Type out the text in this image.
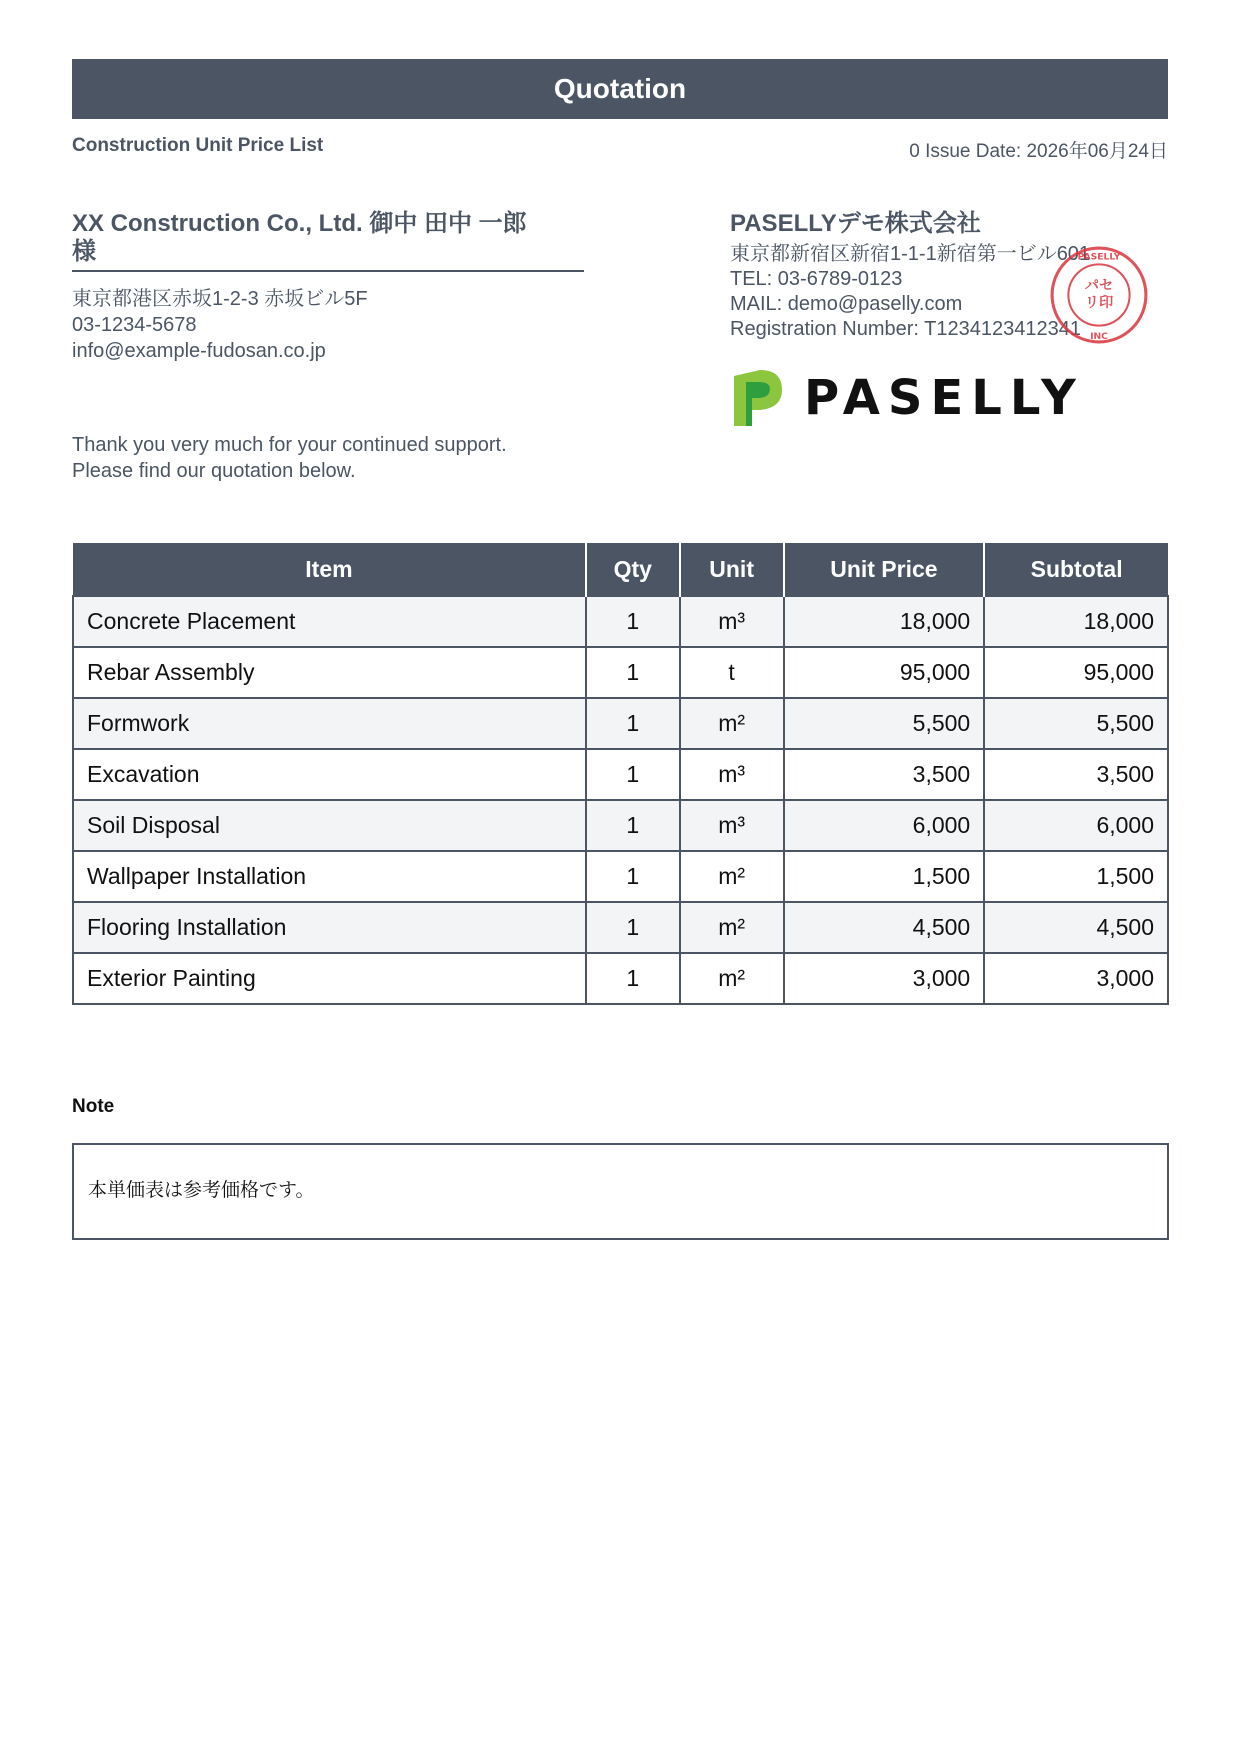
Quotation
Construction Unit Price List	0 Issue Date: 2026年06月24日
XX Construction Co., Ltd. 御中 田中 一郎
様
東京都港区赤坂1-2-3 赤坂ビル5F
03-1234-5678
info@example-fudosan.co.jp
Thank you very much for your continued support.
Please find our quotation below.
PASELLYデモ株式会社
東京都新宿区新宿1-1-1新宿第一ビル601
TEL: 03-6789-0123
MAIL: demo@paselly.com
Registration Number: T1234123412341
パセ
リ印
PASELLY
INC
PASELLY
Item	Qty	Unit	Unit Price	Subtotal
Concrete Placement	1	m³	18,000	18,000
Rebar Assembly	1	t	95,000	95,000
Formwork	1	m²	5,500	5,500
Excavation	1	m³	3,500	3,500
Soil Disposal	1	m³	6,000	6,000
Wallpaper Installation	1	m²	1,500	1,500
Flooring Installation	1	m²	4,500	4,500
Exterior Painting	1	m²	3,000	3,000
Note
本単価表は参考価格です。
